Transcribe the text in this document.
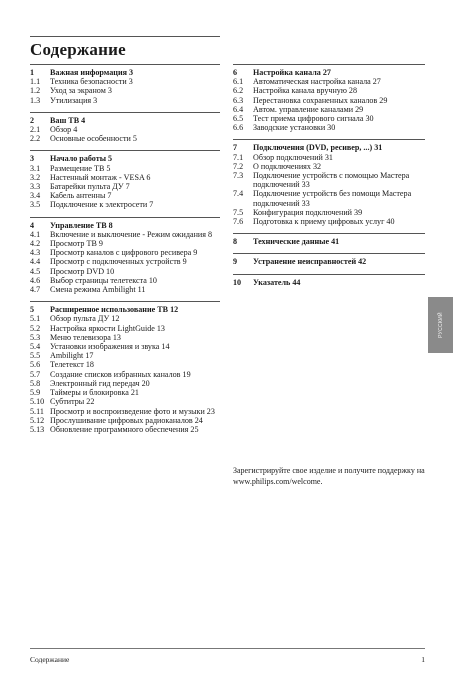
Содержание
1	Важная информация 3
1.1	Техника безопасности 3
1.2	Уход за экраном 3
1.3	Утилизация 3
2	Ваш ТВ 4
2.1	Обзор 4
2.2	Основные особенности 5
3	Начало работы 5
3.1	Размещение ТВ 5
3.2	Настенный монтаж - VESA 6
3.3	Батарейки пульта ДУ 7
3.4	Кабель антенны 7
3.5	Подключение к электросети 7
4	Управление ТВ 8
4.1	Включение и выключение - Режим ожидания 8
4.2	Просмотр ТВ 9
4.3	Просмотр каналов с цифрового ресивера 9
4.4	Просмотр с подключенных устройств 9
4.5	Просмотр DVD 10
4.6	Выбор страницы телетекста 10
4.7	Смена режима Ambilight 11
5	Расширенное использование ТВ 12
5.1	Обзор пульта ДУ 12
5.2	Настройка яркости LightGuide 13
5.3	Меню телевизора 13
5.4	Установки изображения и звука 14
5.5	Ambilight 17
5.6	Телетекст 18
5.7	Создание списков избранных каналов 19
5.8	Электронный гид передач 20
5.9	Таймеры и блокировка 21
5.10 Субтитры 22
5.11 Просмотр и воспроизведение фото и музыки 23
5.12 Прослушивание цифровых радиоканалов 24
5.13 Обновление программного обеспечения 25
6	Настройка канала 27
6.1	Автоматическая настройка канала 27
6.2	Настройка канала вручную 28
6.3	Перестановка сохраненных каналов 29
6.4	Автом. управление каналами 29
6.5	Тест приема цифрового сигнала 30
6.6	Заводские установки 30
7	Подключения (DVD, ресивер, ...) 31
7.1	Обзор подключений 31
7.2	О подключениях 32
7.3	Подключение устройств с помощью Мастера подключений 33
7.4	Подключение устройств без помощи Мастера подключений 33
7.5	Конфигурация подключений 39
7.6	Подготовка к приему цифровых услуг 40
8	Технические данные 41
9	Устранение неисправностей 42
10	Указатель 44
Зарегистрируйте свое изделие и получите поддержку на www.philips.com/welcome.
РУССКИЙ
Содержание	1
